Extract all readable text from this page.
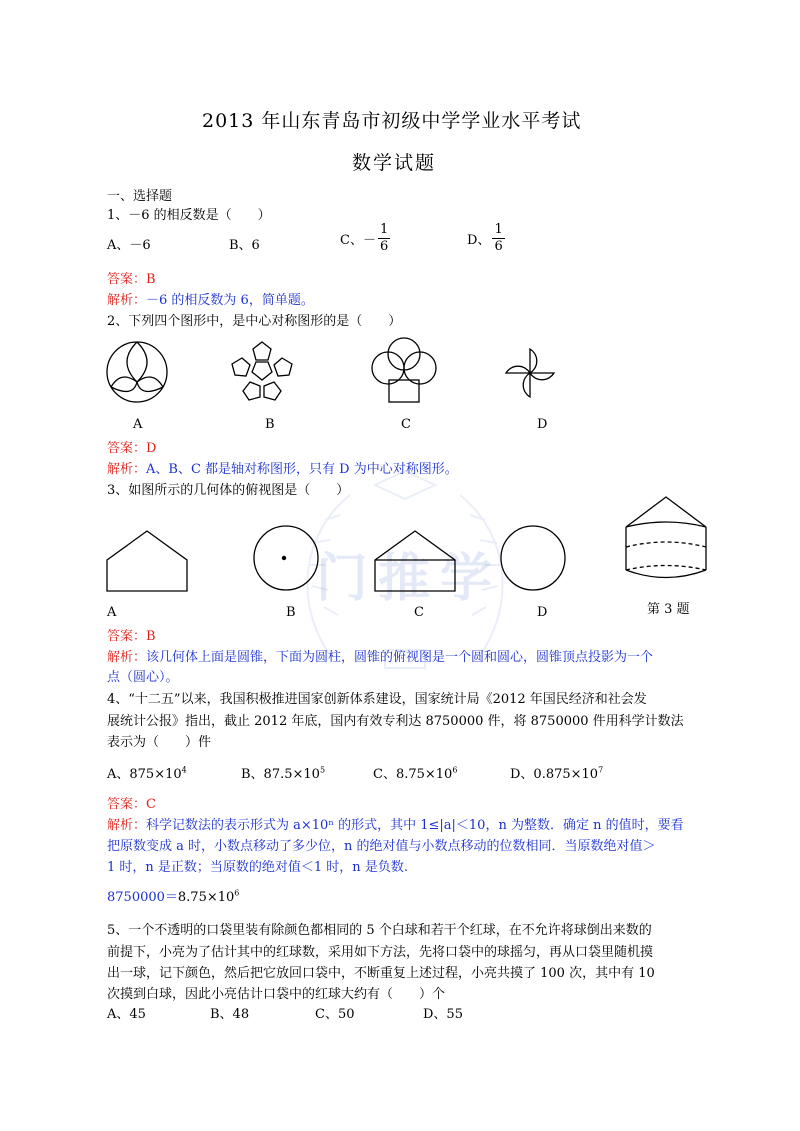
门推学
2013 年山东青岛市初级中学学业水平考试
数学试题
一、选择题
1、－6 的相反数是（　　）
A、－6	B、6	C、－ $\frac{1}{6}$	D、 $\frac{1}{6}$
答案：B
解析：－6 的相反数为 6，简单题。
2、下列四个图形中，是中心对称图形的是（　　）
A	B	C	D
答案：D
解析：A、B、C 都是轴对称图形，只有 D 为中心对称图形。
3、如图所示的几何体的俯视图是（　　）
A	B	C	D	第 3 题
答案：B
解析：该几何体上面是圆锥，下面为圆柱，圆锥的俯视图是一个圆和圆心，圆锥顶点投影为一个
点（圆心）。
4、“十二五”以来，我国积极推进国家创新体系建设，国家统计局《2012 年国民经济和社会发
展统计公报》指出，截止 2012 年底，国内有效专利达 8750000 件，将 8750000 件用科学计数法
表示为（　　）件
A、$875\times 10^4$	B、$87.5\times 10^5$	C、$8.75\times 10^6$	D、$0.875\times 10^7$
答案：C
解析：科学记数法的表示形式为 a×10ⁿ 的形式，其中 1≤|a|＜10，n 为整数．确定 n 的值时，要看
把原数变成 a 时，小数点移动了多少位，n 的绝对值与小数点移动的位数相同．当原数绝对值＞
1 时，n 是正数；当原数的绝对值＜1 时，n 是负数.
$8750000=8.75\times 10^6$
5、一个不透明的口袋里装有除颜色都相同的 5 个白球和若干个红球，在不允许将球倒出来数的
前提下，小亮为了估计其中的红球数，采用如下方法，先将口袋中的球摇匀，再从口袋里随机摸
出一球，记下颜色，然后把它放回口袋中，不断重复上述过程，小亮共摸了 100 次，其中有 10
次摸到白球，因此小亮估计口袋中的红球大约有（　　）个
A、45	B、48	C、50	D、55
